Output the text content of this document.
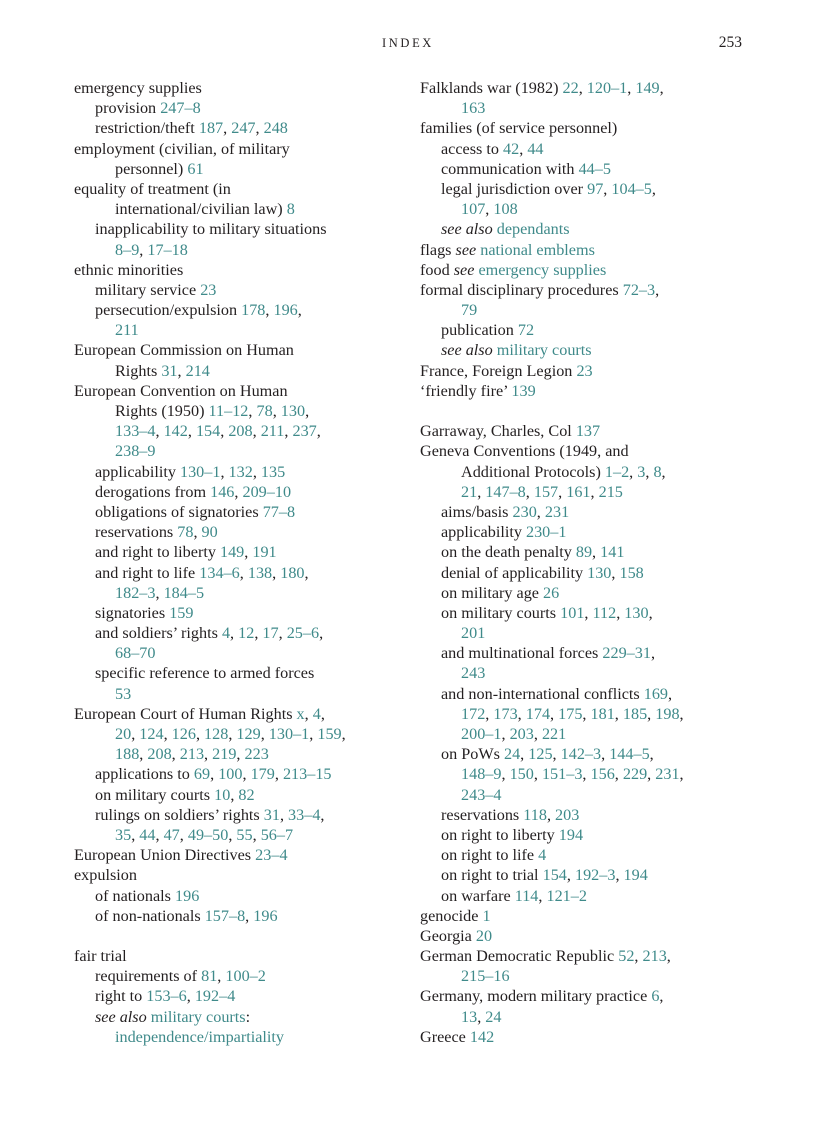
INDEX	253
emergency supplies
provision 247–8
restriction/theft 187, 247, 248
employment (civilian, of military
personnel) 61
equality of treatment (in
international/civilian law) 8
inapplicability to military situations
8–9, 17–18
ethnic minorities
military service 23
persecution/expulsion 178, 196,
211
European Commission on Human
Rights 31, 214
European Convention on Human
Rights (1950) 11–12, 78, 130,
133–4, 142, 154, 208, 211, 237,
238–9
applicability 130–1, 132, 135
derogations from 146, 209–10
obligations of signatories 77–8
reservations 78, 90
and right to liberty 149, 191
and right to life 134–6, 138, 180,
182–3, 184–5
signatories 159
and soldiers’ rights 4, 12, 17, 25–6,
68–70
specific reference to armed forces
53
European Court of Human Rights x, 4,
20, 124, 126, 128, 129, 130–1, 159,
188, 208, 213, 219, 223
applications to 69, 100, 179, 213–15
on military courts 10, 82
rulings on soldiers’ rights 31, 33–4,
35, 44, 47, 49–50, 55, 56–7
European Union Directives 23–4
expulsion
of nationals 196
of non-nationals 157–8, 196
fair trial
requirements of 81, 100–2
right to 153–6, 192–4
see also military courts:
independence/impartiality
Falklands war (1982) 22, 120–1, 149,
163
families (of service personnel)
access to 42, 44
communication with 44–5
legal jurisdiction over 97, 104–5,
107, 108
see also dependants
flags see national emblems
food see emergency supplies
formal disciplinary procedures 72–3,
79
publication 72
see also military courts
France, Foreign Legion 23
‘friendly fire’ 139
Garraway, Charles, Col 137
Geneva Conventions (1949, and
Additional Protocols) 1–2, 3, 8,
21, 147–8, 157, 161, 215
aims/basis 230, 231
applicability 230–1
on the death penalty 89, 141
denial of applicability 130, 158
on military age 26
on military courts 101, 112, 130,
201
and multinational forces 229–31,
243
and non-international conflicts 169,
172, 173, 174, 175, 181, 185, 198,
200–1, 203, 221
on PoWs 24, 125, 142–3, 144–5,
148–9, 150, 151–3, 156, 229, 231,
243–4
reservations 118, 203
on right to liberty 194
on right to life 4
on right to trial 154, 192–3, 194
on warfare 114, 121–2
genocide 1
Georgia 20
German Democratic Republic 52, 213,
215–16
Germany, modern military practice 6,
13, 24
Greece 142
